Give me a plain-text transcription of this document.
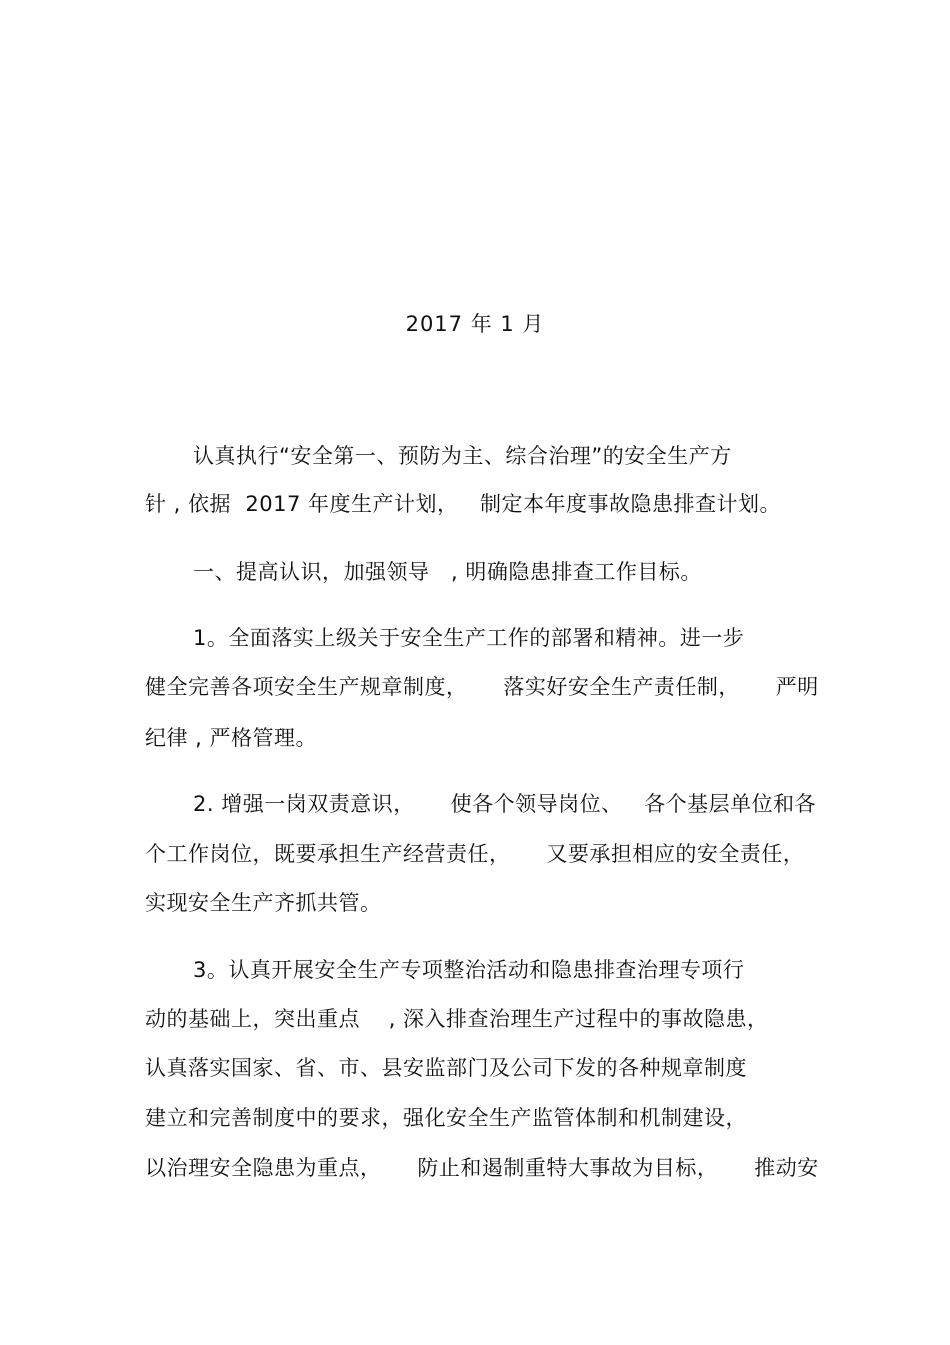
2017 年 1 月
认真执行“安全第一、预防为主、综合治理”的安全生产方
针 , 依据  2017 年度生产计划，   制定本年度事故隐患排查计划。
一、提高认识，加强领导   , 明确隐患排查工作目标。
1。全面落实上级关于安全生产工作的部署和精神。进一步
健全完善各项安全生产规章制度，     落实好安全生产责任制，     严明
纪律 , 严格管理。
2. 增强一岗双责意识，     使各个领导岗位、   各个基层单位和各
个工作岗位，既要承担生产经营责任，     又要承担相应的安全责任，
实现安全生产齐抓共管。
3。认真开展安全生产专项整治活动和隐患排查治理专项行
动的基础上，突出重点    , 深入排查治理生产过程中的事故隐患，
认真落实国家、省、市、县安监部门及公司下发的各种规章制度
建立和完善制度中的要求，强化安全生产监管体制和机制建设，
以治理安全隐患为重点，     防止和遏制重特大事故为目标，     推动安
